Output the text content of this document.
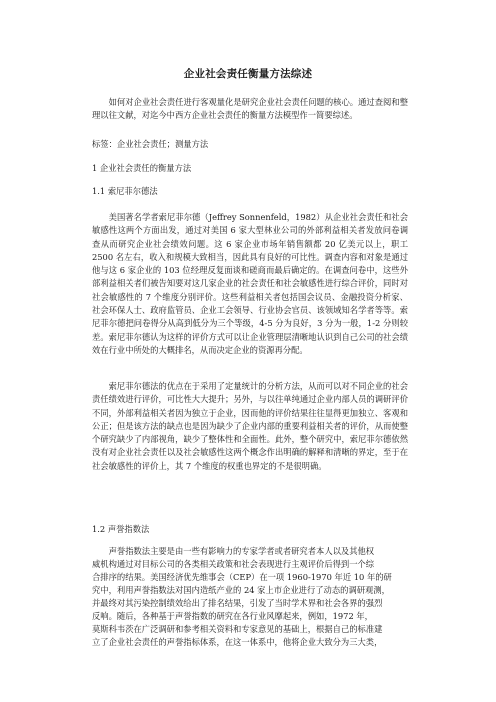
企业社会责任衡量方法综述

如何对企业社会责任进行客观量化是研究企业社会责任问题的核心。通过查阅和整理以往文献，对迄今中西方企业社会责任的衡量方法模型作一简要综述。

标签：企业社会责任；测量方法

1 企业社会责任的衡量方法

1.1 索尼菲尔德法

美国著名学者索尼菲尔德（Jeffrey Sonnenfeld，1982）从企业社会责任和社会敏感性这两个方面出发，通过对美国 6 家大型林业公司的外部利益相关者发放问卷调查从而研究企业社会绩效问题。这 6 家企业市场年销售额都 20 亿美元以上，职工 2500 名左右，收入和规模大致相当，因此具有良好的可比性。调查内容和对象是通过他与这 6 家企业的 103 位经理反复面谈和磋商而最后确定的。在调查问卷中，这些外部利益相关者们被告知要对这几家企业的社会责任和社会敏感性进行综合评价，同时对社会敏感性的 7 个维度分别评价。这些利益相关者包括国会议员、金融投资分析家、社会环保人士、政府监管员、企业工会领导、行业协会官员、该领域知名学者等等。索尼菲尔德把问卷得分从高到低分为三个等级，4-5 分为良好，3 分为一般，1-2 分则较差。索尼菲尔德认为这样的评价方式可以让企业管理层清晰地认识到自己公司的社会绩效在行业中所处的大概排名，从而决定企业的资源再分配。

索尼菲尔德法的优点在于采用了定量统计的分析方法，从而可以对不同企业的社会责任绩效进行评价，可比性大大提升；另外，与以往单纯通过企业内部人员的调研评价不同，外部利益相关者因为独立于企业，因而他的评价结果往往显得更加独立、客观和公正；但是该方法的缺点也是因为缺少了企业内部的重要利益相关者的评价，从而使整个研究缺少了内部视角，缺少了整体性和全面性。此外，整个研究中，索尼菲尔德依然没有对企业社会责任以及社会敏感性这两个概念作出明确的解释和清晰的界定，至于在社会敏感性的评价上，其 7 个维度的权重也界定的不是很明确。

1.2 声誉指数法

声誉指数法主要是由一些有影响力的专家学者或者研究者本人以及其他权

威机构通过对目标公司的各类相关政策和社会表现进行主观评价后得到一个综

合排序的结果。美国经济优先维事会（CEP）在一项 1960-1970 年近 10 年的研

究中，利用声誉指数法对国内造纸产业的 24 家上市企业进行了动态的调研观测，

并最终对其污染控制绩效给出了排名结果，引发了当时学术界和社会各界的强烈

反响。随后，各种基于声誉指数的研究在各行业风靡起来，例如，1972 年，

莫斯科韦茨在广泛调研和参考相关资料和专家意见的基础上，根据自己的标准建

立了企业社会责任的声誉指标体系，在这一体系中，他将企业大致分为三大类，
